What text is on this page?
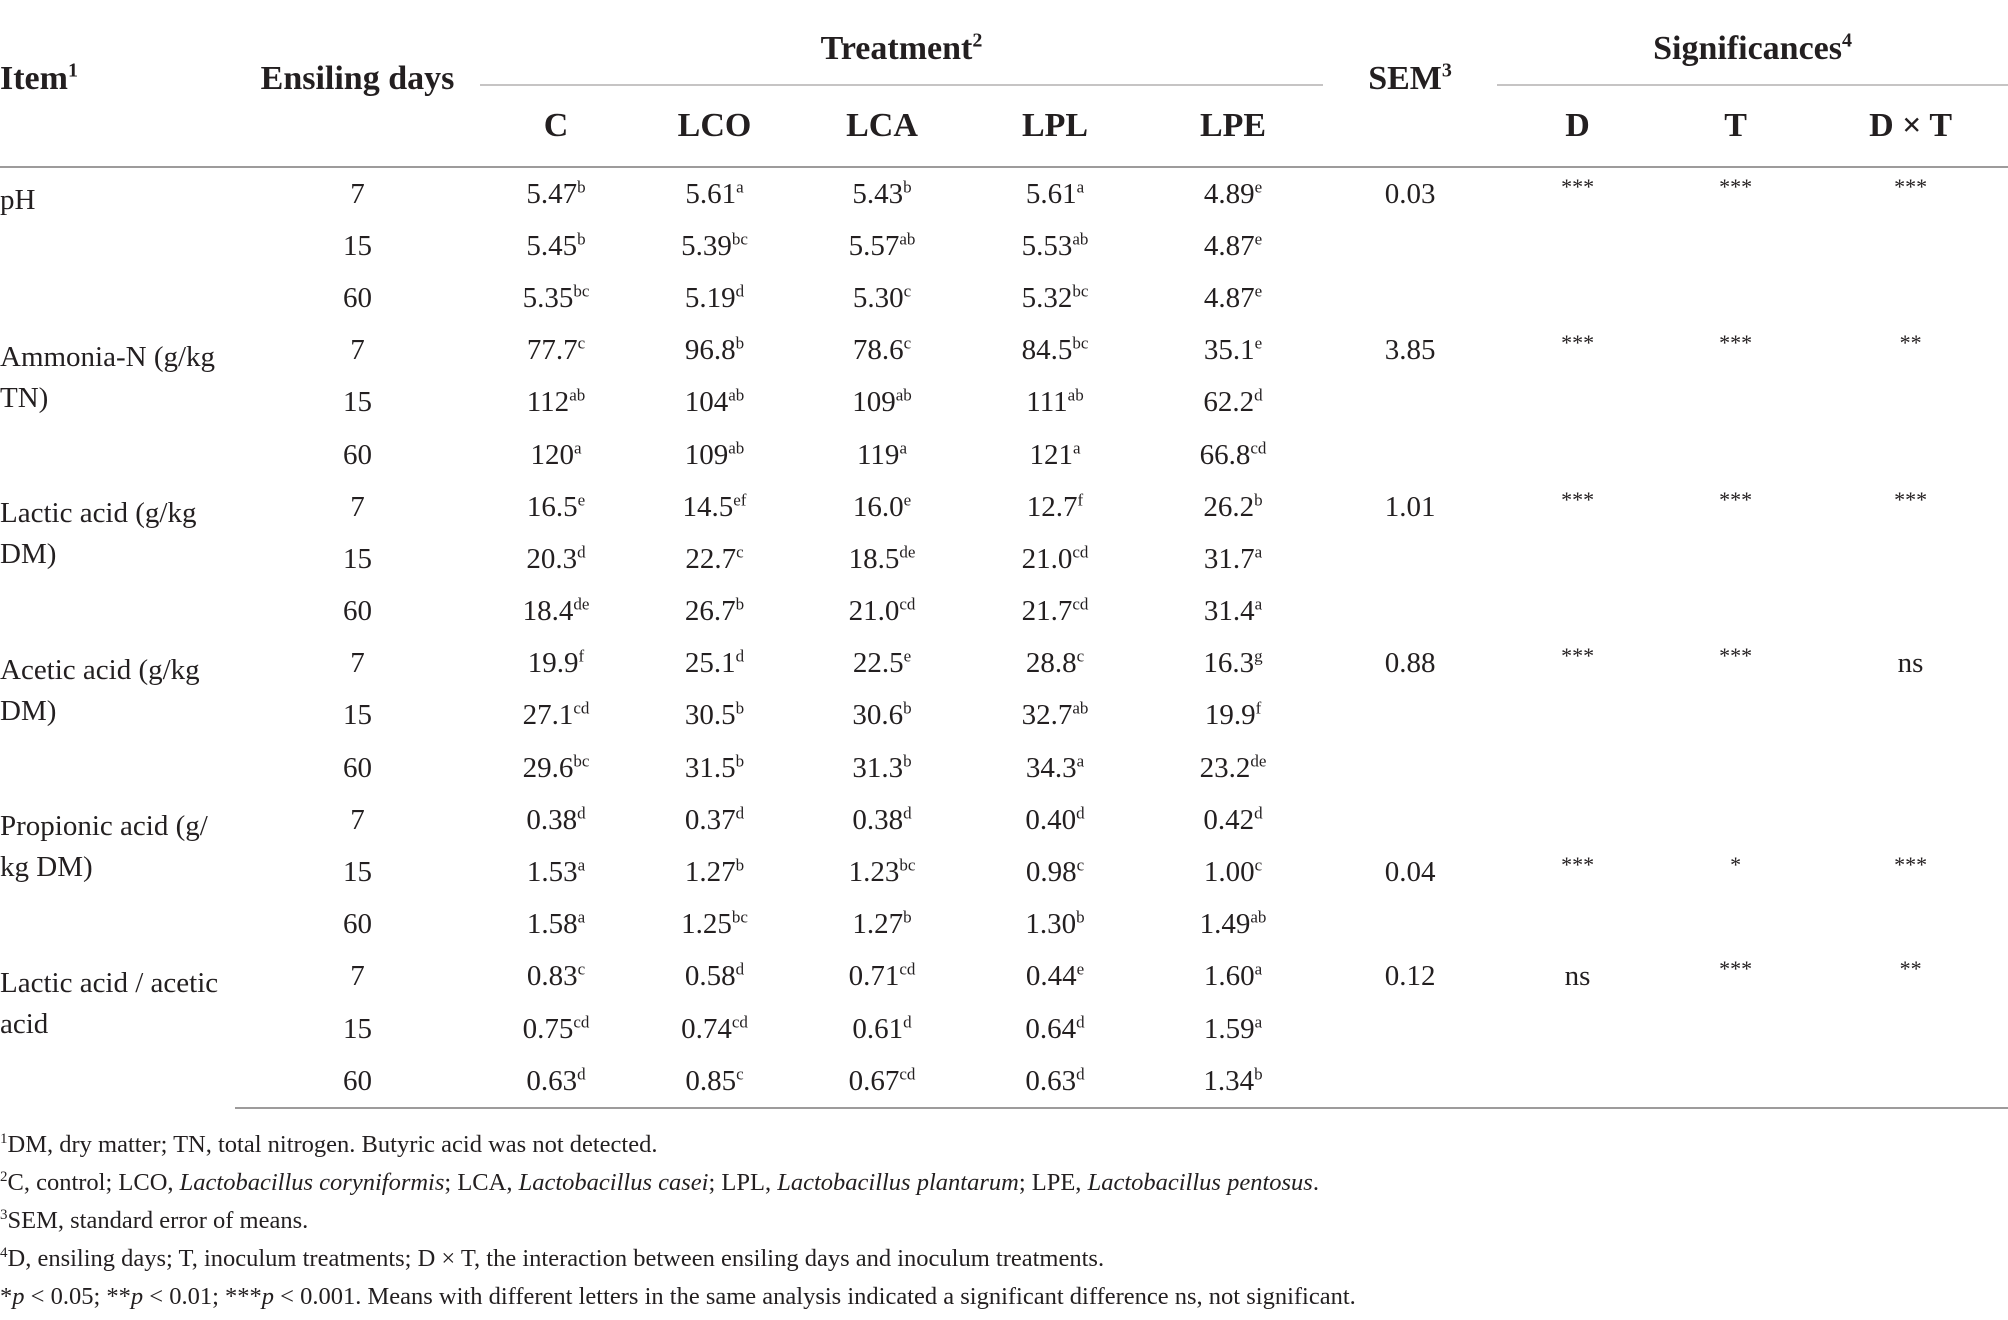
Item$^1$	Ensiling days	Treatment$^2$					SEM$^3$	Significances$^4$
		C	LCO	LCA	LPL	LPE		D	T	D × T

pH	7	5.47$^b$	5.61$^a$	5.43$^b$	5.61$^a$	4.89e	0.03	***	***	***
	15	5.45$^b$	5.39$^{bc}$	5.57$^{ab}$	5.53$^{ab}$	4.87e				
	60	5.35$^{bc}$	5.19$^d$	5.30$^c$	5.32$^{bc}$	4.87e				

Ammonia-N (g/kg
TN)	7	77.7$^c$	96.8$^b$	78.6$^c$	84.5$^{bc}$	35.1e	3.85	***	***	**
	15	$112^{ab}$	$104^{ab}$	$109^{ab}$	$111^{ab}$	62.2$^d$				
	60	120$^a$	$109^{ab}$	119$^a$	121$^a$	66.8$^{cd}$				

Lactic acid (g/kg
DM)	7	16.5e	14.5$^{ef}$	16.0e	12.7$^f$	26.2$^b$	1.01	***	***	***
	15	20.3$^d$	22.7$^c$	18.5de	21.0$^{cd}$	31.7$^a$				
	60	18.4de	26.7$^b$	21.0$^{cd}$	21.7$^{cd}$	31.4$^a$				

Acetic acid (g/kg
DM)	7	19.9$^f$	25.1$^d$	22.5e	28.8$^c$	16.3$^g$	0.88	***	***	ns
	15	27.1$^{cd}$	30.5$^b$	30.6$^b$	32.7$^{ab}$	19.9$^f$				
	60	29.6$^{bc}$	31.5$^b$	31.3$^b$	34.3$^a$	23.2de				

Propionic acid (g/
kg DM)	7	0.38$^d$	0.37$^d$	0.38$^d$	0.40$^d$	0.42$^d$				
	15	1.53$^a$	1.27$^b$	1.23$^{bc}$	0.98$^c$	1.00$^c$	0.04	***	*	***
	60	1.58$^a$	1.25$^{bc}$	1.27$^b$	1.30$^b$	1.49$^{ab}$				

Lactic acid / acetic
acid	7	0.83$^c$	0.58$^d$	0.71$^{cd}$	0.44e	1.60$^a$	0.12	ns	***	**
	15	0.75$^{cd}$	0.74$^{cd}$	0.61$^d$	0.64$^d$	1.59$^a$				
	60	0.63$^d$	0.85$^c$	0.67$^{cd}$	0.63$^d$	1.34$^b$				
$^1$DM, dry matter; TN, total nitrogen. Butyric acid was not detected.
$^2$C, control; LCO, Lactobacillus coryniformis; LCA, Lactobacillus casei; LPL, Lactobacillus plantarum; LPE, Lactobacillus pentosus.
$^3$SEM, standard error of means.
$^4$D, ensiling days; T, inoculum treatments; D × T, the interaction between ensiling days and inoculum treatments.
*p < 0.05; **p < 0.01; ***p < 0.001. Means with different letters in the same analysis indicated a significant difference ns, not significant.
